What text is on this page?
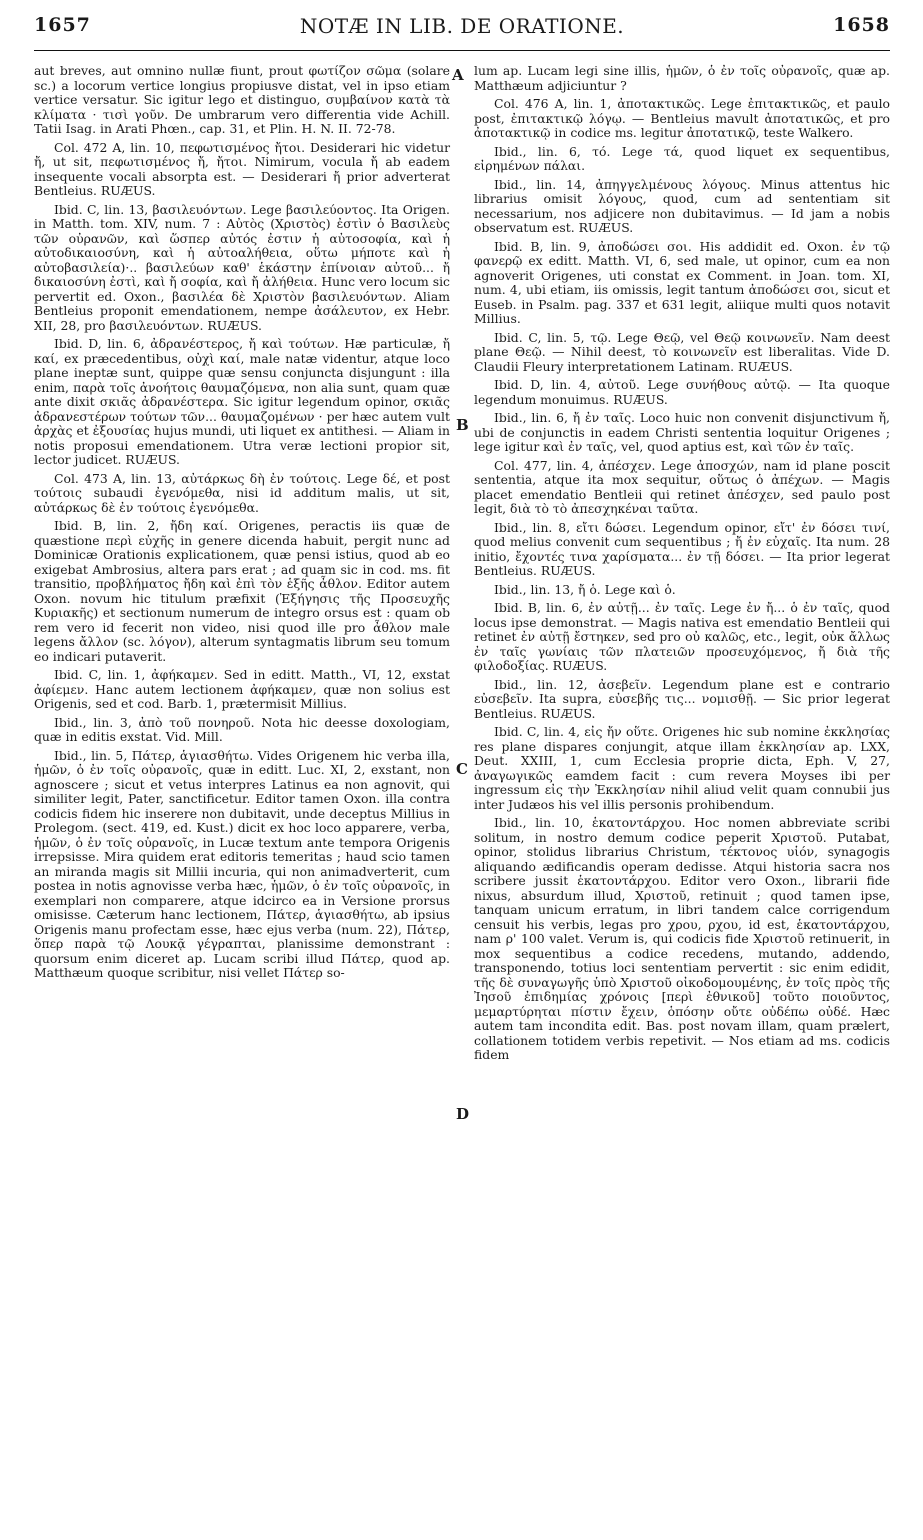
1657	NOTÆ IN LIB. DE ORATIONE.	1658
A
B
C
D

aut breves, aut omnino nullæ fiunt, prout φωτίζον σῶμα (solare sc.) a locorum vertice longius propiusve distat, vel in ipso etiam vertice versatur. Sic igitur lego et distinguo, συμβαίνον κατὰ τὰ κλίματα · τισὶ γοῦν. De umbrarum vero differentia vide Achill. Tatii Isag. in Arati Phœn., cap. 31, et Plin. H. N. II. 72-78.

Col. 472 A, lin. 10, πεφωτισμένος ἤτοι. Desiderari hic videtur ἤ, ut sit, πεφωτισμένος ἤ, ἤτοι. Nimirum, vocula ἤ ab eadem insequente vocali absorpta est. — Desiderari ἤ prior adverterat Bentleius. RUÆUS.

Ibid. C, lin. 13, βασιλευόντων. Lege βασιλεύοντος. Ita Origen. in Matth. tom. XIV, num. 7 : Αὐτὸς (Χριστὸς) ἐστὶν ὁ Βασιλεὺς τῶν οὐρανῶν, καὶ ὥσπερ αὐτός ἐστιν ἡ αὐτοσοφία, καὶ ἡ αὐτοδικαιοσύνη, καὶ ἡ αὐτοαλήθεια, οὕτω μήποτε καὶ ἡ αὐτοβασιλεία)·.. βασιλεύων καθ' ἑκάστην ἐπίνοιαν αὐτοῦ... ἤ δικαιοσύνη ἐστὶ, καὶ ἤ σοφία, καὶ ἤ ἀλήθεια. Hunc vero locum sic pervertit ed. Oxon., βασιλέα δὲ Χριστὸν βασιλευόντων. Aliam Bentleius proponit emendationem, nempe ἀσάλευτον, ex Hebr. XII, 28, pro βασιλευόντων. RUÆUS.

Ibid. D, lin. 6, ἀδρανέστερος, ἤ καὶ τούτων. Hæ particulæ, ἤ καί, ex præcedentibus, οὐχὶ καί, male natæ videntur, atque loco plane ineptæ sunt, quippe quæ sensu conjuncta disjungunt : illa enim, παρὰ τοῖς ἀνοήτοις θαυμαζόμενα, non alia sunt, quam quæ ante dixit σκιᾶς ἀδρανέστερα. Sic igitur legendum opinor, σκιᾶς ἀδρανεστέρων τούτων τῶν... θαυμαζομένων · per hæc autem vult ἀρχὰς et ἐξουσίας hujus mundi, uti liquet ex antithesi. — Aliam in notis proposui emendationem. Utra veræ lectioni propior sit, lector judicet. RUÆUS.

Col. 473 A, lin. 13, αὐτάρκως δὴ ἐν τούτοις. Lege δέ, et post τούτοις subaudi ἐγενόμεθα, nisi id additum malis, ut sit, αὐτάρκως δὲ ἐν τούτοις ἐγενόμεθα.

Ibid. B, lin. 2, ἤδη καί. Origenes, peractis iis quæ de quæstione περὶ εὐχῆς in genere dicenda habuit, pergit nunc ad Dominicæ Orationis explicationem, quæ pensi istius, quod ab eo exigebat Ambrosius, altera pars erat ; ad quam sic in cod. ms. fit transitio, προβλήματος ἤδη καὶ ἐπὶ τὸν ἑξῆς ἆθλον. Editor autem Oxon. novum hic titulum præfixit (Ἐξήγησις τῆς Προσευχῆς Κυριακῆς) et sectionum numerum de integro orsus est : quam ob rem vero id fecerit non video, nisi quod ille pro ἆθλον male legens ἄλλον (sc. λόγον), alterum syntagmatis librum seu tomum eo indicari putaverit.

Ibid. C, lin. 1, ἀφήκαμεν. Sed in editt. Matth., VI, 12, exstat ἀφίεμεν. Hanc autem lectionem ἀφήκαμεν, quæ non solius est Origenis, sed et cod. Barb. 1, prætermisit Millius.

Ibid., lin. 3, ἀπὸ τοῦ πονηροῦ. Nota hic deesse doxologiam, quæ in editis exstat. Vid. Mill.

Ibid., lin. 5, Πάτερ, ἁγιασθήτω. Vides Origenem hic verba illa, ἡμῶν, ὁ ἐν τοῖς οὐρανοῖς, quæ in editt. Luc. XI, 2, exstant, non agnoscere ; sicut et vetus interpres Latinus ea non agnovit, qui similiter legit, Pater, sanctificetur. Editor tamen Oxon. illa contra codicis fidem hic inserere non dubitavit, unde deceptus Millius in Prolegom. (sect. 419, ed. Kust.) dicit ex hoc loco apparere, verba, ἡμῶν, ὁ ἐν τοῖς οὐρανοῖς, in Lucæ textum ante tempora Origenis irrepsisse. Mira quidem erat editoris temeritas ; haud scio tamen an miranda magis sit Millii incuria, qui non animadverterit, cum postea in notis agnovisse verba hæc, ἡμῶν, ὁ ἐν τοῖς οὐρανοῖς, in exemplari non comparere, atque idcirco ea in Versione prorsus omisisse. Cæterum hanc lectionem, Πάτερ, ἁγιασθήτω, ab ipsius Origenis manu profectam esse, hæc ejus verba (num. 22), Πάτερ, ὅπερ παρὰ τῷ Λουκᾷ γέγραπται, planissime demonstrant : quorsum enim diceret ap. Lucam scribi illud Πάτερ, quod ap. Matthæum quoque scribitur, nisi vellet Πάτερ so-

lum ap. Lucam legi sine illis, ἡμῶν, ὁ ἐν τοῖς οὐρανοῖς, quæ ap. Matthæum adjiciuntur ?

Col. 476 A, lin. 1, ἀποτακτικῶς. Lege ἐπιτακτικῶς, et paulo post, ἐπιτακτικῷ λόγῳ. — Bentleius mavult ἀποτατικῶς, et pro ἀποτακτικῷ in codice ms. legitur ἀποτατικῷ, teste Walkero.

Ibid., lin. 6, τό. Lege τά, quod liquet ex sequentibus, εἰρημένων πάλαι.

Ibid., lin. 14, ἀπηγγελμένους λόγους. Minus attentus hic librarius omisit λόγους, quod, cum ad sententiam sit necessarium, nos adjicere non dubitavimus. — Id jam a nobis observatum est. RUÆUS.

Ibid. B, lin. 9, ἀποδώσει σοι. His addidit ed. Oxon. ἐν τῷ φανερῷ ex editt. Matth. VI, 6, sed male, ut opinor, cum ea non agnoverit Origenes, uti constat ex Comment. in Joan. tom. XI, num. 4, ubi etiam, iis omissis, legit tantum ἀποδώσει σοι, sicut et Euseb. in Psalm. pag. 337 et 631 legit, aliique multi quos notavit Millius.

Ibid. C, lin. 5, τῷ. Lege Θεῷ, vel Θεῷ κοινωνεῖν. Nam deest plane Θεῷ. — Nihil deest, τὸ κοινωνεῖν est liberalitas. Vide D. Claudii Fleury interpretationem Latinam. RUÆUS.

Ibid. D, lin. 4, αὐτοῦ. Lege συνήθους αὐτῷ. — Ita quoque legendum monuimus. RUÆUS.

Ibid., lin. 6, ἤ ἐν ταῖς. Loco huic non convenit disjunctivum ἤ, ubi de conjunctis in eadem Christi sententia loquitur Origenes ; lege igitur καὶ ἐν ταῖς, vel, quod aptius est, καὶ τῶν ἐν ταῖς.

Col. 477, lin. 4, ἀπέσχεν. Lege ἀποσχών, nam id plane poscit sententia, atque ita mox sequitur, οὕτως ὁ ἀπέχων. — Magis placet emendatio Bentleii qui retinet ἀπέσχεν, sed paulo post legit, διὰ τὸ τὸ ἀπεσχηκέναι ταῦτα.

Ibid., lin. 8, εἴτι δώσει. Legendum opinor, εἴτ' ἐν δόσει τινί, quod melius convenit cum sequentibus ; ἤ ἐν εὐχαῖς. Ita num. 28 initio, ἔχοντές τινα χαρίσματα... ἐν τῇ δόσει. — Ita prior legerat Bentleius. RUÆUS.

Ibid., lin. 13, ἤ ὁ. Lege καὶ ὁ.

Ibid. B, lin. 6, ἐν αὐτῇ... ἐν ταῖς. Lege ἐν ἤ... ὁ ἐν ταῖς, quod locus ipse demonstrat. — Magis nativa est emendatio Bentleii qui retinet ἐν αὐτῇ ἔστηκεν, sed pro οὐ καλῶς, etc., legit, οὐκ ἄλλως ἐν ταῖς γωνίαις τῶν πλατειῶν προσευχόμενος, ἤ διὰ τῆς φιλοδοξίας. RUÆUS.

Ibid., lin. 12, ἀσεβεῖν. Legendum plane est e contrario εὐσεβεῖν. Ita supra, εὐσεβῆς τις... νομισθῇ. — Sic prior legerat Bentleius. RUÆUS.

Ibid. C, lin. 4, εἰς ἤν οὕτε. Origenes hic sub nomine ἐκκλησίας res plane dispares conjungit, atque illam ἐκκλησίαν ap. LXX, Deut. XXIII, 1, cum Ecclesia proprie dicta, Eph. V, 27, ἀναγωγικῶς eamdem facit : cum revera Moyses ibi per ingressum εἰς τὴν Ἐκκλησίαν nihil aliud velit quam connubii jus inter Judæos his vel illis personis prohibendum.

Ibid., lin. 10, ἑκατοντάρχου. Hoc nomen abbreviate scribi solitum, in nostro demum codice peperit Χριστοῦ. Putabat, opinor, stolidus librarius Christum, τέκτονος υἱόν, synagogis aliquando ædificandis operam dedisse. Atqui historia sacra nos scribere jussit ἑκατοντάρχου. Editor vero Oxon., librarii fide nixus, absurdum illud, Χριστοῦ, retinuit ; quod tamen ipse, tanquam unicum erratum, in libri tandem calce corrigendum censuit his verbis, legas pro χρου, ρχου, id est, ἑκατοντάρχου, nam ρ' 100 valet. Verum is, qui codicis fide Χριστοῦ retinuerit, in mox sequentibus a codice recedens, mutando, addendo, transponendo, totius loci sententiam pervertit : sic enim edidit, τῆς δὲ συναγωγῆς ὑπὸ Χριστοῦ οἰκοδομουμένης, ἐν τοῖς πρὸς τῆς Ἰησοῦ ἐπιδημίας χρόνοις [περὶ ἐθνικοῦ] τοῦτο ποιοῦντος, μεμαρτύρηται πίστιν ἔχειν, ὁπόσην οὔτε οὐδέπω οὐδέ. Hæc autem tam incondita edit. Bas. post novam illam, quam prælert, collationem totidem verbis repetivit. — Nos etiam ad ms. codicis fidem
